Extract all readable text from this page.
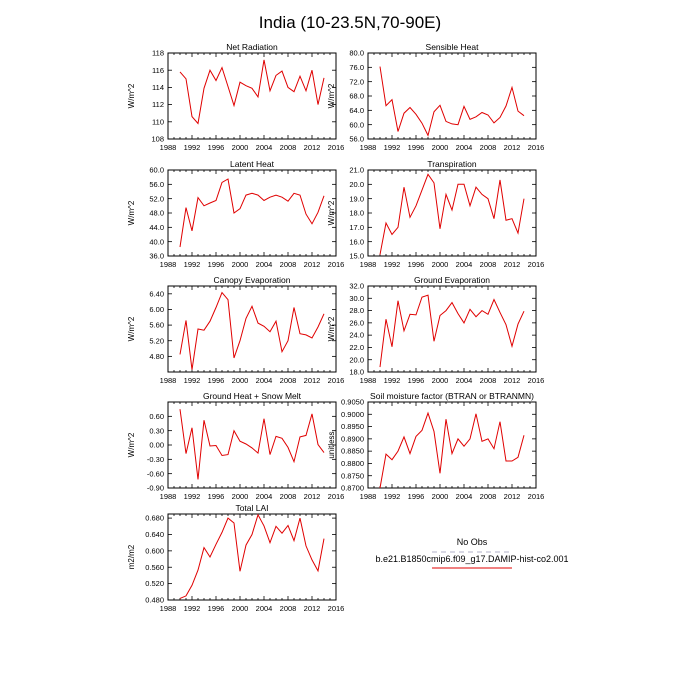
India (10-23.5N,70-90E)
Net Radiation
1988 1992 1996 2000 2004 2008 2012 2016
108
110
112
114
116
118
W/m^2
Sensible Heat
1988 1992 1996 2000 2004 2008 2012 2016
56.0
60.0
64.0
68.0
72.0
76.0
80.0
W/m^2
Latent Heat
1988 1992 1996 2000 2004 2008 2012 2016
36.0
40.0
44.0
48.0
52.0
56.0
60.0
W/m^2
Transpiration
1988 1992 1996 2000 2004 2008 2012 2016
15.0
16.0
17.0
18.0
19.0
20.0
21.0
W/m^2
Canopy Evaporation
1988 1992 1996 2000 2004 2008 2012 2016
4.80
5.20
5.60
6.00
6.40
W/m^2
Ground Evaporation
1988 1992 1996 2000 2004 2008 2012 2016
18.0
20.0
22.0
24.0
26.0
28.0
30.0
32.0
W/m^2
Ground Heat + Snow Melt
1988 1992 1996 2000 2004 2008 2012 2016
-0.90
-0.60
-0.30
0.00
0.30
0.60
W/m^2
Soil moisture factor (BTRAN or BTRANMN)
1988 1992 1996 2000 2004 2008 2012 2016
0.8700
0.8750
0.8800
0.8850
0.8900
0.8950
0.9000
0.9050
unitless
Total LAI
1988 1992 1996 2000 2004 2008 2012 2016
0.480
0.520
0.560
0.600
0.640
0.680
m2/m2
No Obs
b.e21.B1850cmip6.f09_g17.DAMIP-hist-co2.001
